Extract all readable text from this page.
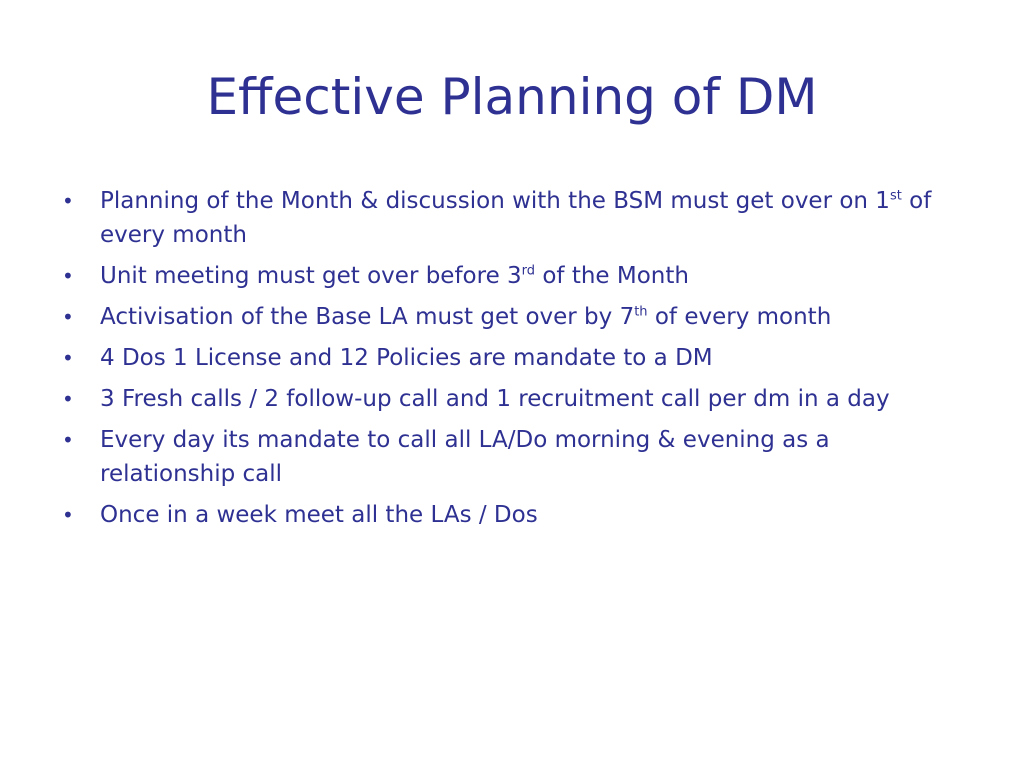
Effective Planning of DM
• Planning of the Month & discussion with the BSM must get over on 1st of every month
• Unit meeting must get over before 3rd of the Month
• Activisation of the Base LA must get over by 7th of every month
• 4 Dos 1 License and 12 Policies are mandate to a DM
• 3 Fresh calls / 2 follow-up call and 1 recruitment call per dm in a day
• Every day its mandate to call all LA/Do morning & evening as a relationship call
• Once in a week meet all the LAs / Dos
